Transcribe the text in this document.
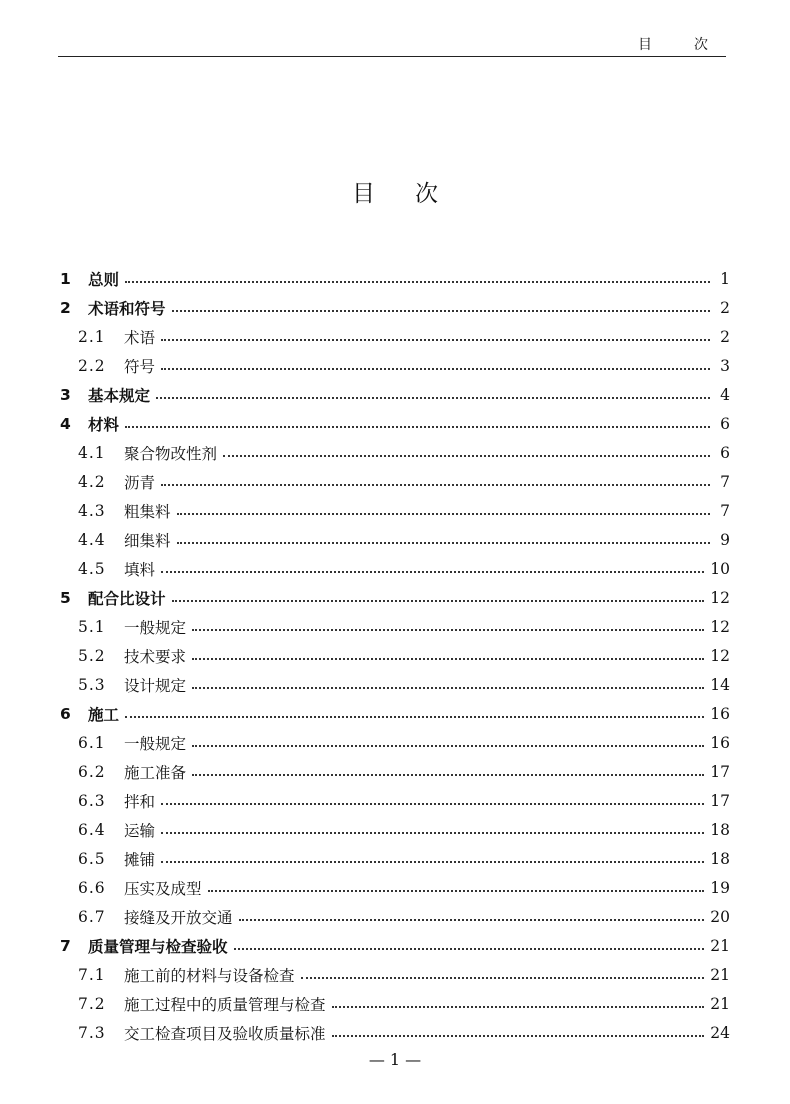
目　次
目次
1	总则	1
2	术语和符号	2
2.1	术语	2
2.2	符号	3
3	基本规定	4
4	材料	6
4.1	聚合物改性剂	6
4.2	沥青	7
4.3	粗集料	7
4.4	细集料	9
4.5	填料	10
5	配合比设计	12
5.1	一般规定	12
5.2	技术要求	12
5.3	设计规定	14
6	施工	16
6.1	一般规定	16
6.2	施工准备	17
6.3	拌和	17
6.4	运输	18
6.5	摊铺	18
6.6	压实及成型	19
6.7	接缝及开放交通	20
7	质量管理与检查验收	21
7.1	施工前的材料与设备检查	21
7.2	施工过程中的质量管理与检查	21
7.3	交工检查项目及验收质量标准	24
— 1 —
